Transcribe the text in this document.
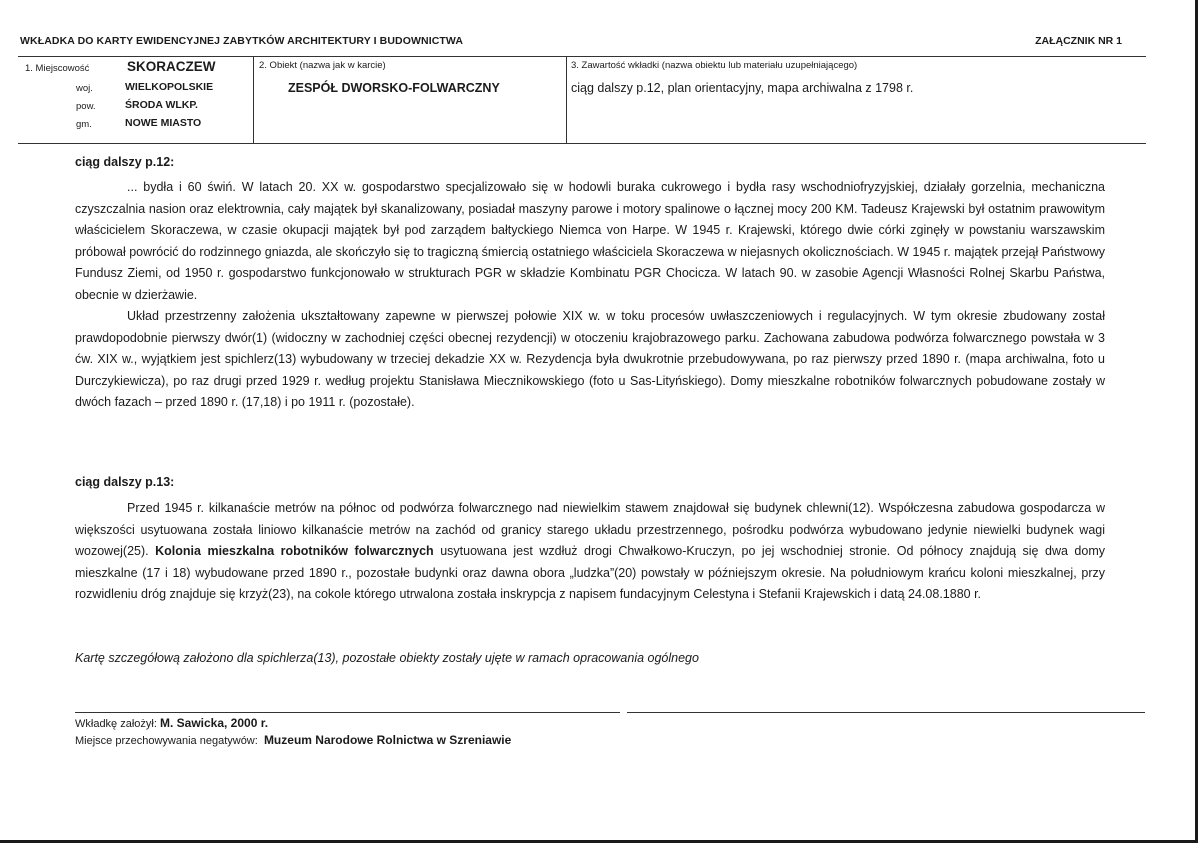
WKŁADKA DO KARTY EWIDENCYJNEJ ZABYTKÓW ARCHITEKTURY I BUDOWNICTWA	ZAŁĄCZNIK NR 1
1. Miejscowość	SKORACZEW
woj.	WIELKOPOLSKIE
pow.	ŚRODA WLKP.
gm.	NOWE MIASTO
2. Obiekt (nazwa jak w karcie)
ZESPÓŁ DWORSKO-FOLWARCZNY
3. Zawartość wkładki (nazwa obiektu lub materiału uzupełniającego)
ciąg dalszy p.12, plan orientacyjny, mapa archiwalna z 1798 r.
ciąg dalszy p.12:

... bydła i 60 świń. W latach 20. XX w. gospodarstwo specjalizowało się w hodowli buraka cukrowego i bydła rasy wschodniofryzyjskiej, działały gorzelnia, mechaniczna czyszczalnia nasion oraz elektrownia, cały majątek był skanalizowany, posiadał maszyny parowe i motory spalinowe o łącznej mocy 200 KM. Tadeusz Krajewski był ostatnim prawowitym właścicielem Skoraczewa, w czasie okupacji majątek był pod zarządem bałtyckiego Niemca von Harpe. W 1945 r. Krajewski, którego dwie córki zginęły w powstaniu warszawskim próbował powrócić do rodzinnego gniazda, ale skończyło się to tragiczną śmiercią ostatniego właściciela Skoraczewa w niejasnych okolicznościach. W 1945 r. majątek przejął Państwowy Fundusz Ziemi, od 1950 r. gospodarstwo funkcjonowało w strukturach PGR w składzie Kombinatu PGR Chocicza. W latach 90. w zasobie Agencji Własności Rolnej Skarbu Państwa, obecnie w dzierżawie.

Układ przestrzenny założenia ukształtowany zapewne w pierwszej połowie XIX w. w toku procesów uwłaszczeniowych i regulacyjnych. W tym okresie zbudowany został prawdopodobnie pierwszy dwór(1) (widoczny w zachodniej części obecnej rezydencji) w otoczeniu krajobrazowego parku. Zachowana zabudowa podwórza folwarcznego powstała w 3 ćw. XIX w., wyjątkiem jest spichlerz(13) wybudowany w trzeciej dekadzie XX w. Rezydencja była dwukrotnie przebudowywana, po raz pierwszy przed 1890 r. (mapa archiwalna, foto u Durczykiewicza), po raz drugi przed 1929 r. według projektu Stanisława Miecznikowskiego (foto u Sas-Lityńskiego). Domy mieszkalne robotników folwarcznych pobudowane zostały w dwóch fazach – przed 1890 r. (17,18) i po 1911 r. (pozostałe).

ciąg dalszy p.13:

Przed 1945 r. kilkanaście metrów na północ od podwórza folwarcznego nad niewielkim stawem znajdował się budynek chlewni(12). Współczesna zabudowa gospodarcza w większości usytuowana została liniowo kilkanaście metrów na zachód od granicy starego układu przestrzennego, pośrodku podwórza wybudowano jedynie niewielki budynek wagi wozowej(25). Kolonia mieszkalna robotników folwarcznych usytuowana jest wzdłuż drogi Chwałkowo-Kruczyn, po jej wschodniej stronie. Od północy znajdują się dwa domy mieszkalne (17 i 18) wybudowane przed 1890 r., pozostałe budynki oraz dawna obora „ludzka”(20) powstały w późniejszym okresie. Na południowym krańcu koloni mieszkalnej, przy rozwidleniu dróg znajduje się krzyż(23), na cokole którego utrwalona została inskrypcja z napisem fundacyjnym Celestyna i Stefanii Krajewskich i datą 24.08.1880 r.

Kartę szczegółową założono dla spichlerza(13), pozostałe obiekty zostały ujęte w ramach opracowania ogólnego
Wkładkę założył: M. Sawicka, 2000 r.
Miejsce przechowywania negatywów: Muzeum Narodowe Rolnictwa w Szreniawie
